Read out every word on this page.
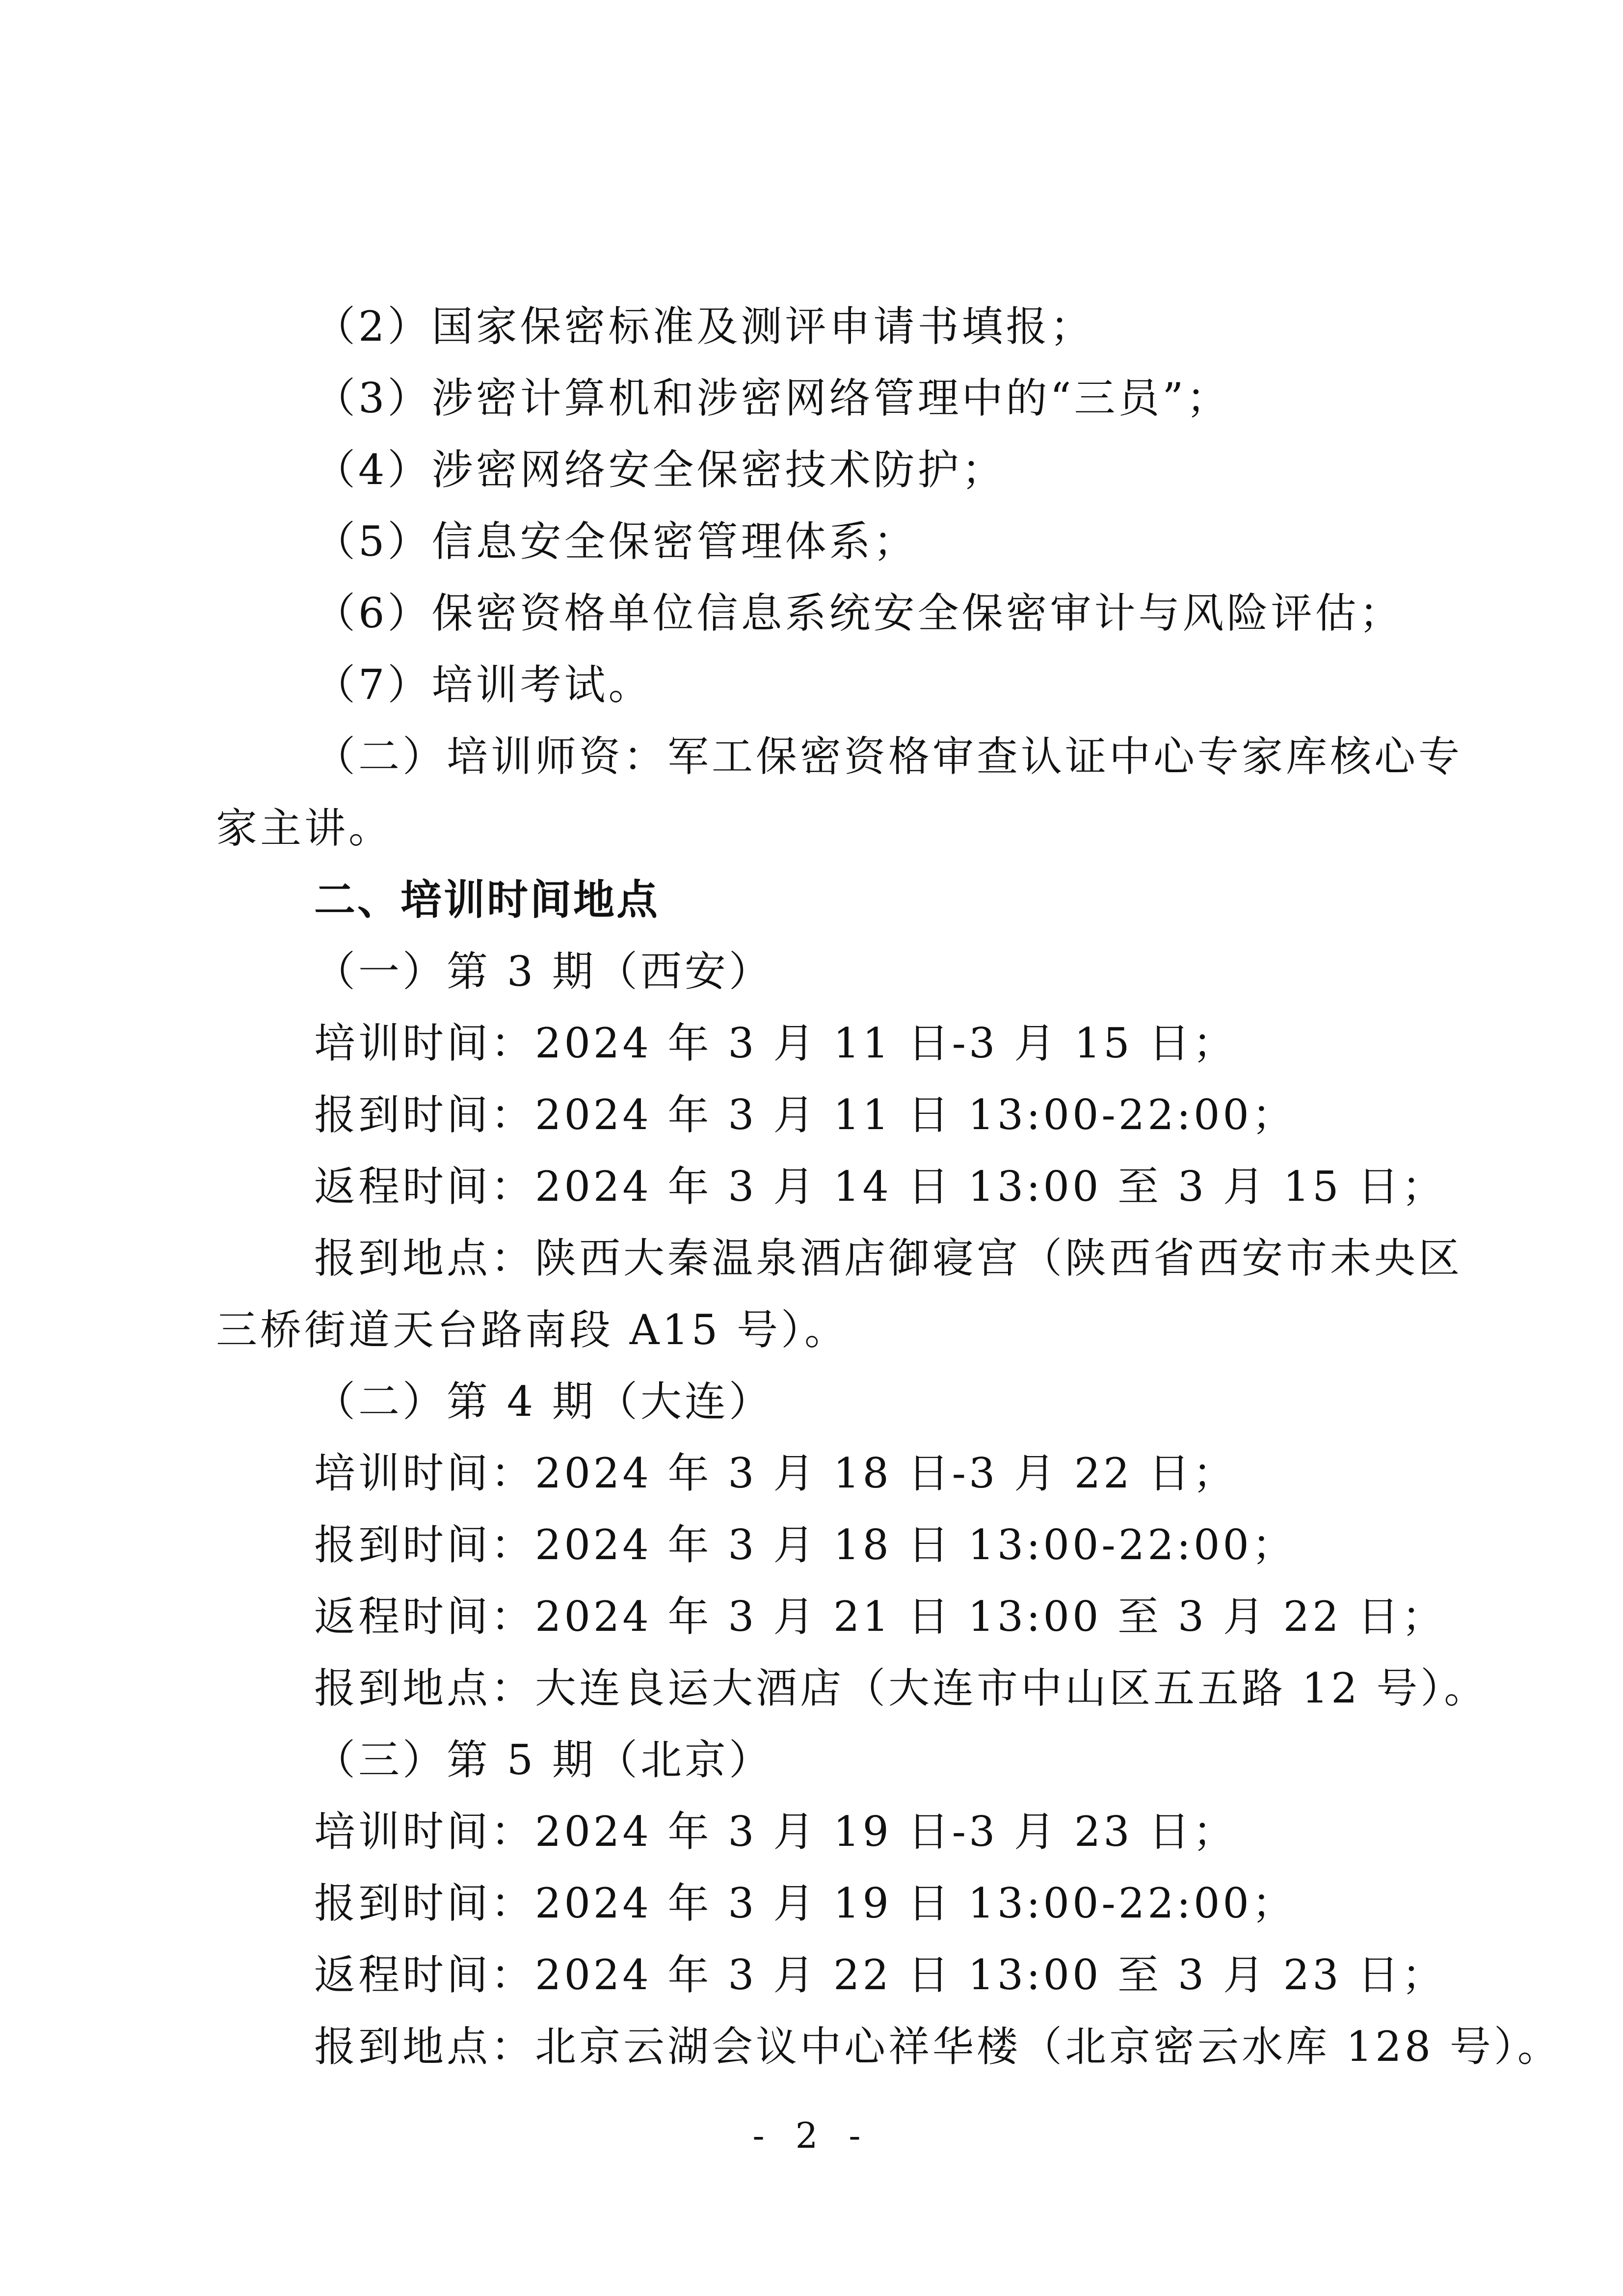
（2）国家保密标准及测评申请书填报；
（3）涉密计算机和涉密网络管理中的“三员”；
（4）涉密网络安全保密技术防护；
（5）信息安全保密管理体系；
（6）保密资格单位信息系统安全保密审计与风险评估；
（7）培训考试。
（二）培训师资：军工保密资格审查认证中心专家库核心专
家主讲。
二、培训时间地点
（一）第 3 期（西安）
培训时间：2024 年 3 月 11 日-3 月 15 日；
报到时间：2024 年 3 月 11 日 13:00-22:00；
返程时间：2024 年 3 月 14 日 13:00 至 3 月 15 日；
报到地点：陕西大秦温泉酒店御寝宫（陕西省西安市未央区
三桥街道天台路南段 A15 号）。
（二）第 4 期（大连）
培训时间：2024 年 3 月 18 日-3 月 22 日；
报到时间：2024 年 3 月 18 日 13:00-22:00；
返程时间：2024 年 3 月 21 日 13:00 至 3 月 22 日；
报到地点：大连良运大酒店（大连市中山区五五路 12 号）。
（三）第 5 期（北京）
培训时间：2024 年 3 月 19 日-3 月 23 日；
报到时间：2024 年 3 月 19 日 13:00-22:00；
返程时间：2024 年 3 月 22 日 13:00 至 3 月 23 日；
报到地点：北京云湖会议中心祥华楼（北京密云水库 128 号）。
- 2 -
